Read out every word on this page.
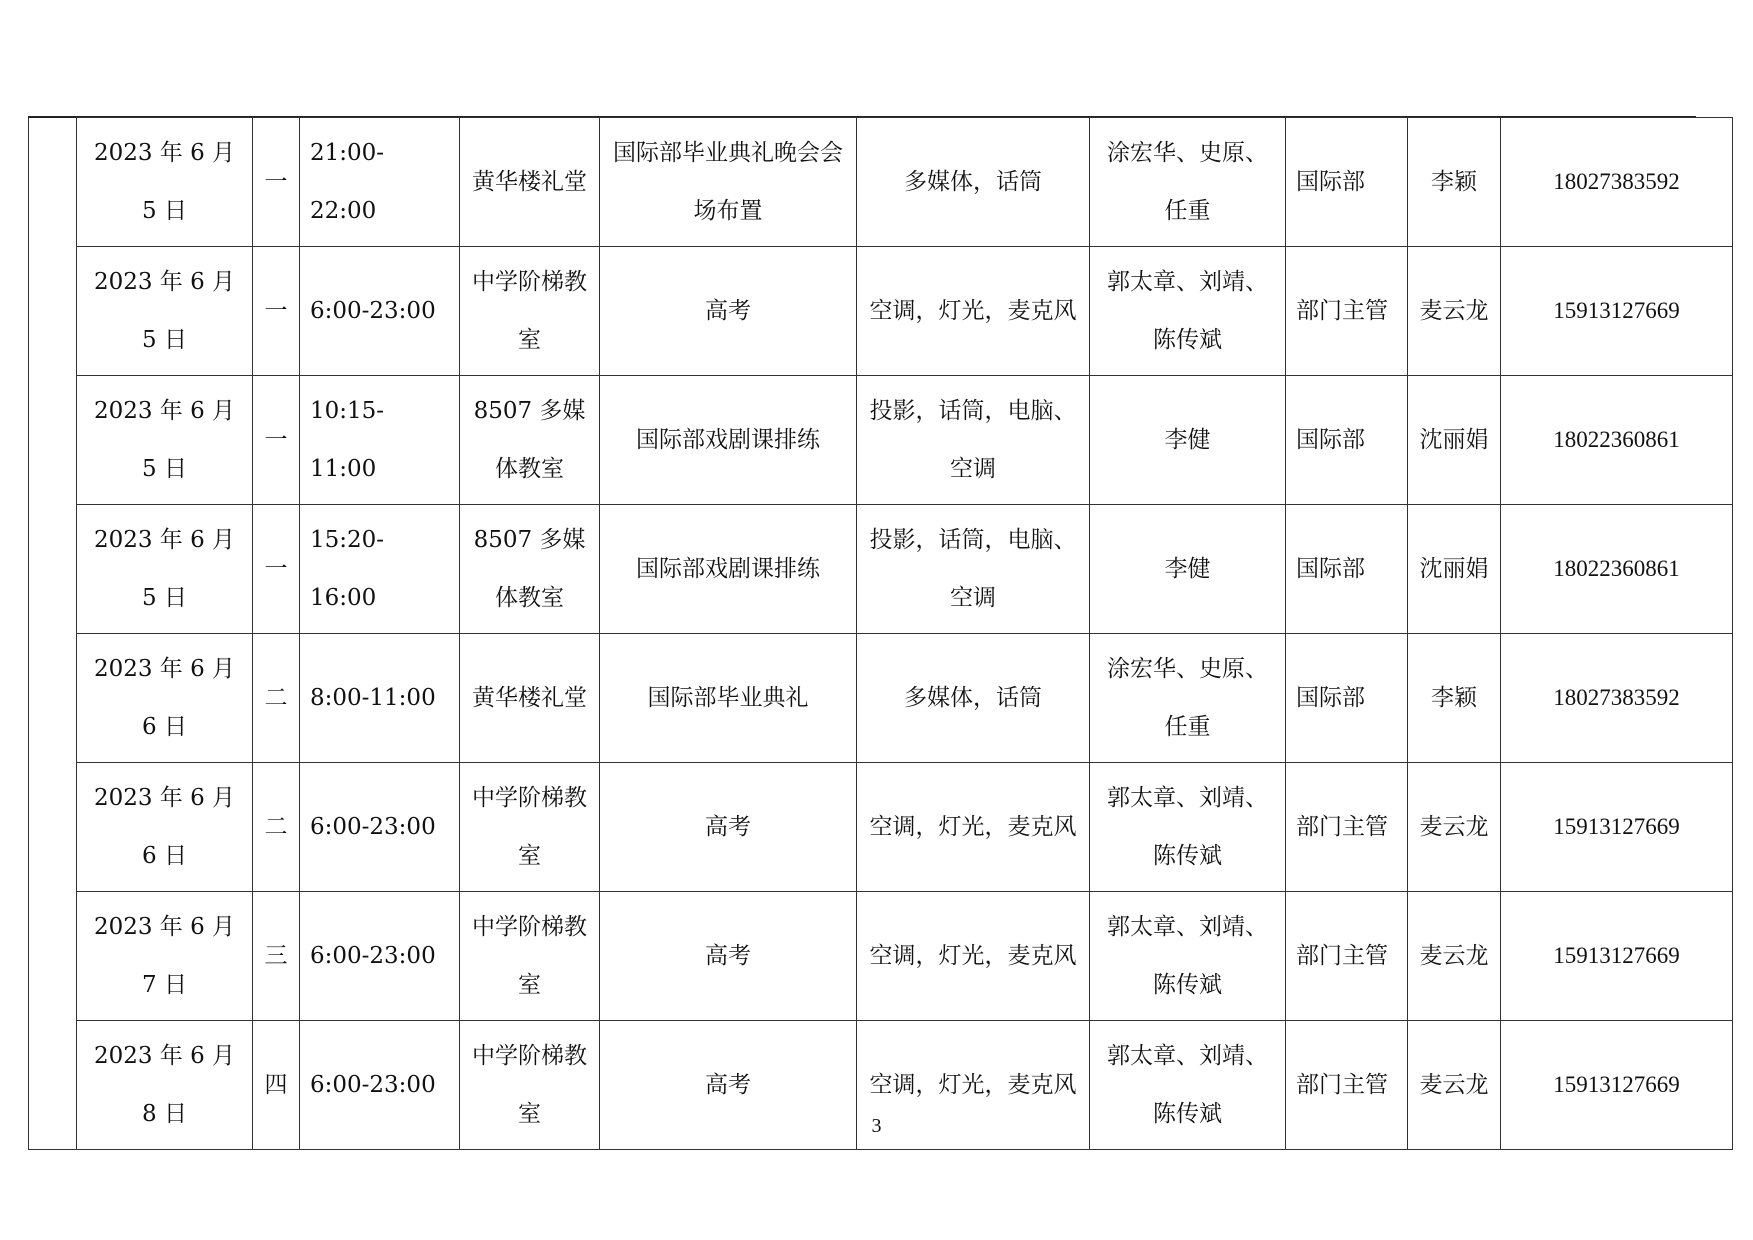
	2023 年 6 月 5 日	一	21:00-22:00	黄华楼礼堂	国际部毕业典礼晚会会场布置	多媒体，话筒	涂宏华、史原、任重	国际部	李颖	18027383592
	2023 年 6 月 5 日	一	6:00-23:00	中学阶梯教室	高考	空调，灯光，麦克风	郭太章、刘靖、陈传斌	部门主管	麦云龙	15913127669
	2023 年 6 月 5 日	一	10:15-11:00	8507 多媒体教室	国际部戏剧课排练	投影，话筒，电脑、空调	李健	国际部	沈丽娟	18022360861
	2023 年 6 月 5 日	一	15:20-16:00	8507 多媒体教室	国际部戏剧课排练	投影，话筒，电脑、空调	李健	国际部	沈丽娟	18022360861
	2023 年 6 月 6 日	二	8:00-11:00	黄华楼礼堂	国际部毕业典礼	多媒体，话筒	涂宏华、史原、任重	国际部	李颖	18027383592
	2023 年 6 月 6 日	二	6:00-23:00	中学阶梯教室	高考	空调，灯光，麦克风	郭太章、刘靖、陈传斌	部门主管	麦云龙	15913127669
	2023 年 6 月 7 日	三	6:00-23:00	中学阶梯教室	高考	空调，灯光，麦克风	郭太章、刘靖、陈传斌	部门主管	麦云龙	15913127669
	2023 年 6 月 8 日	四	6:00-23:00	中学阶梯教室	高考	空调，灯光，麦克风	郭太章、刘靖、陈传斌	部门主管	麦云龙	15913127669
3
